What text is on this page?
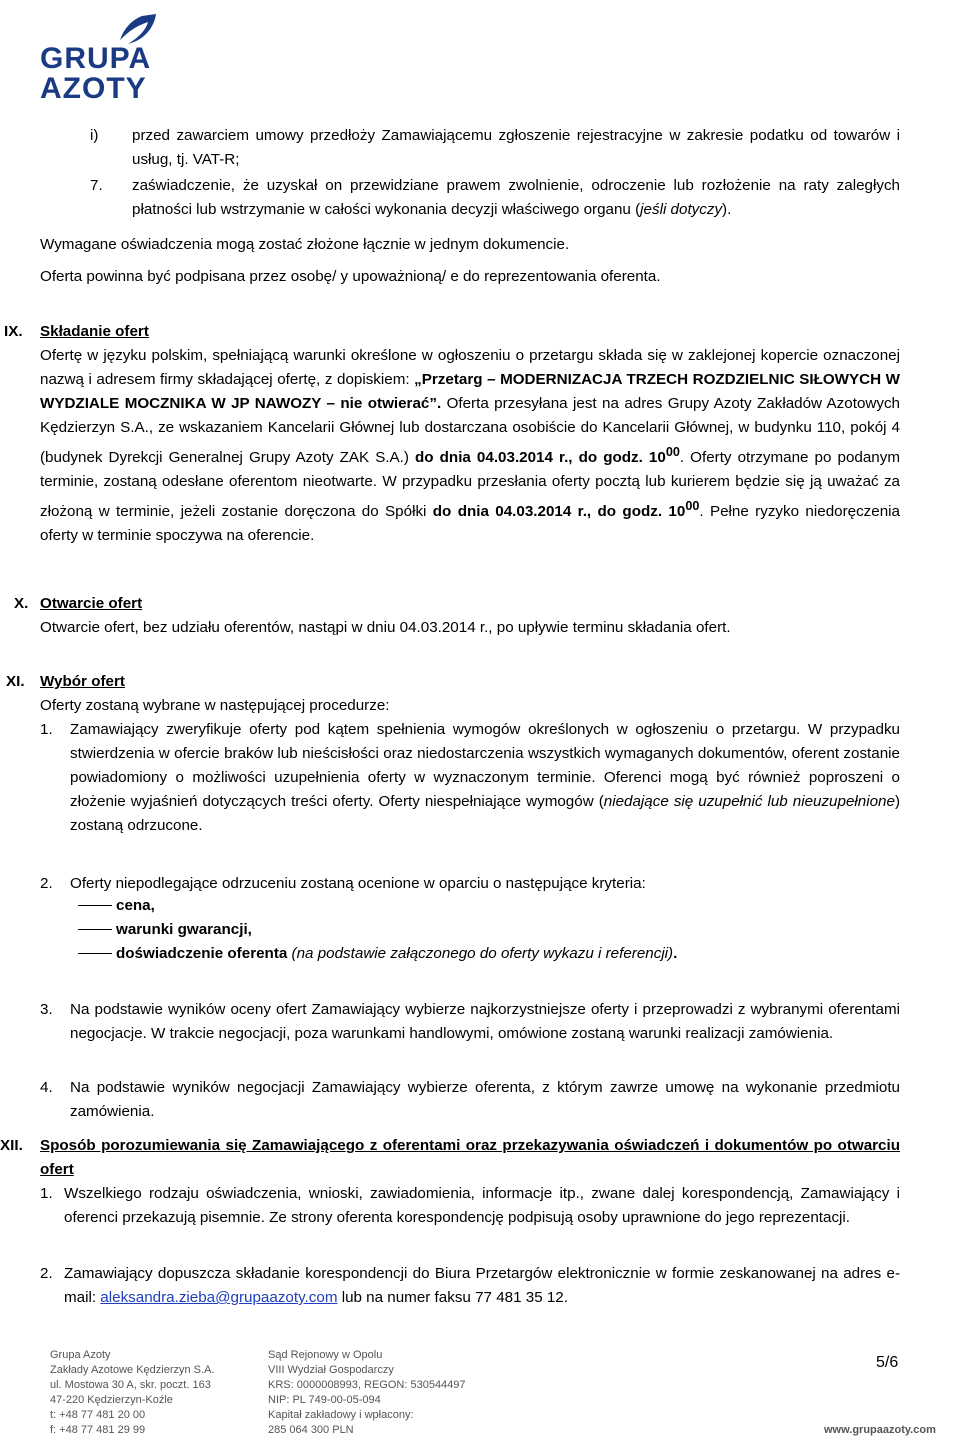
GRUPA
AZOTY
i) przed zawarciem umowy przedłoży Zamawiającemu zgłoszenie rejestracyjne w zakresie podatku od towarów i usług, tj. VAT-R;
7. zaświadczenie, że uzyskał on przewidziane prawem zwolnienie, odroczenie lub rozłożenie na raty zaległych płatności lub wstrzymanie w całości wykonania decyzji właściwego organu (jeśli dotyczy).
Wymagane oświadczenia mogą zostać złożone łącznie w jednym dokumencie.
Oferta powinna być podpisana przez osobę/ y upoważnioną/ e do reprezentowania oferenta.
IX. Składanie ofert
Ofertę w języku polskim, spełniającą warunki określone w ogłoszeniu o przetargu składa się w zaklejonej kopercie oznaczonej nazwą i adresem firmy składającej ofertę, z dopiskiem: „Przetarg – MODERNIZACJA TRZECH ROZDZIELNIC SIŁOWYCH W WYDZIALE MOCZNIKA W JP NAWOZY – nie otwierać”. Oferta przesyłana jest na adres Grupy Azoty Zakładów Azotowych Kędzierzyn S.A., ze wskazaniem Kancelarii Głównej lub dostarczana osobiście do Kancelarii Głównej, w budynku 110, pokój 4 (budynek Dyrekcji Generalnej Grupy Azoty ZAK S.A.) do dnia 04.03.2014 r., do godz. $10^{00}$. Oferty otrzymane po podanym terminie, zostaną odesłane oferentom nieotwarte. W przypadku przesłania oferty pocztą lub kurierem będzie się ją uważać za złożoną w terminie, jeżeli zostanie doręczona do Spółki do dnia 04.03.2014 r., do godz. $10^{00}$. Pełne ryzyko niedoręczenia oferty w terminie spoczywa na oferencie.
X. Otwarcie ofert
Otwarcie ofert, bez udziału oferentów, nastąpi w dniu 04.03.2014 r., po upływie terminu składania ofert.
XI. Wybór ofert
Oferty zostaną wybrane w następującej procedurze:
1. Zamawiający zweryfikuje oferty pod kątem spełnienia wymogów określonych w ogłoszeniu o przetargu. W przypadku stwierdzenia w ofercie braków lub nieścisłości oraz niedostarczenia wszystkich wymaganych dokumentów, oferent zostanie powiadomiony o możliwości uzupełnienia oferty w wyznaczonym terminie. Oferenci mogą być również poproszeni o złożenie wyjaśnień dotyczących treści oferty. Oferty niespełniające wymogów (niedające się uzupełnić lub nieuzupełnione) zostaną odrzucone.
2. Oferty niepodlegające odrzuceniu zostaną ocenione w oparciu o następujące kryteria:
cena,
warunki gwarancji,
doświadczenie oferenta (na podstawie załączonego do oferty wykazu i referencji).
3. Na podstawie wyników oceny ofert Zamawiający wybierze najkorzystniejsze oferty i przeprowadzi z wybranymi oferentami negocjacje. W trakcie negocjacji, poza warunkami handlowymi, omówione zostaną warunki realizacji zamówienia.
4. Na podstawie wyników negocjacji Zamawiający wybierze oferenta, z którym zawrze umowę na wykonanie przedmiotu zamówienia.
XII. Sposób porozumiewania się Zamawiającego z oferentami oraz przekazywania oświadczeń i dokumentów po otwarciu ofert
1. Wszelkiego rodzaju oświadczenia, wnioski, zawiadomienia, informacje itp., zwane dalej korespondencją, Zamawiający i oferenci przekazują pisemnie. Ze strony oferenta korespondencję podpisują osoby uprawnione do jego reprezentacji.
2. Zamawiający dopuszcza składanie korespondencji do Biura Przetargów elektronicznie w formie zeskanowanej na adres e-mail: aleksandra.zieba@grupaazoty.com lub na numer faksu 77 481 35 12.
Grupa Azoty
Zakłady Azotowe Kędzierzyn S.A.
ul. Mostowa 30 A, skr. poczt. 163
47-220 Kędzierzyn-Koźle
t: +48 77 481 20 00
f: +48 77 481 29 99
Sąd Rejonowy w Opolu
VIII Wydział Gospodarczy
KRS: 0000008993, REGON: 530544497
NIP: PL 749-00-05-094
Kapitał zakładowy i wpłacony:
285 064 300 PLN
5/6
www.grupaazoty.com
